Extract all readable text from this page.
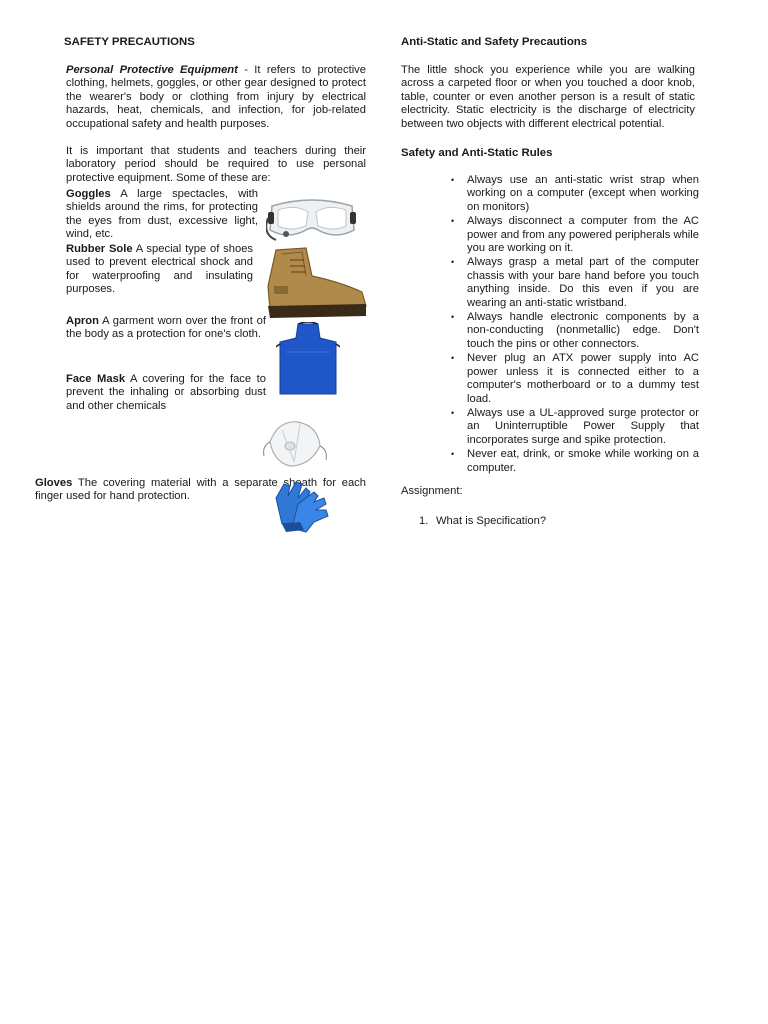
SAFETY PRECAUTIONS
Personal Protective Equipment - It refers to protective clothing, helmets, goggles, or other gear designed to protect the wearer's body or clothing from injury by electrical hazards, heat, chemicals, and infection, for job-related occupational safety and health purposes.
It is important that students and teachers during their laboratory period should be required to use personal protective equipment. Some of these are:
Goggles A large spectacles, with shields around the rims, for protecting the eyes from dust, excessive light, wind, etc.
Rubber Sole A special type of shoes used to prevent electrical shock and for waterproofing and insulating purposes.
Apron A garment worn over the front of the body as a protection for one's cloth.
Face Mask A covering for the face to prevent the inhaling or absorbing dust and other chemicals
Gloves The covering material with a separate sheath for each finger used for hand protection.
Anti-Static and Safety Precautions
The little shock you experience while you are walking across a carpeted floor or when you touched a door knob, table, counter or even another person is a result of static electricity. Static electricity is the discharge of electricity between two objects with different electrical potential.
Safety and Anti-Static Rules
• Always use an anti-static wrist strap when working on a computer (except when working on monitors)
• Always disconnect a computer from the AC power and from any powered peripherals while you are working on it.
• Always grasp a metal part of the computer chassis with your bare hand before you touch anything inside. Do this even if you are wearing an anti-static wristband.
• Always handle electronic components by a non-conducting (nonmetallic) edge. Don't touch the pins or other connectors.
• Never plug an ATX power supply into AC power unless it is connected either to a computer's motherboard or to a dummy test load.
• Always use a UL-approved surge protector or an Uninterruptible Power Supply that incorporates surge and spike protection.
• Never eat, drink, or smoke while working on a computer.
Assignment:
1. What is Specification?
